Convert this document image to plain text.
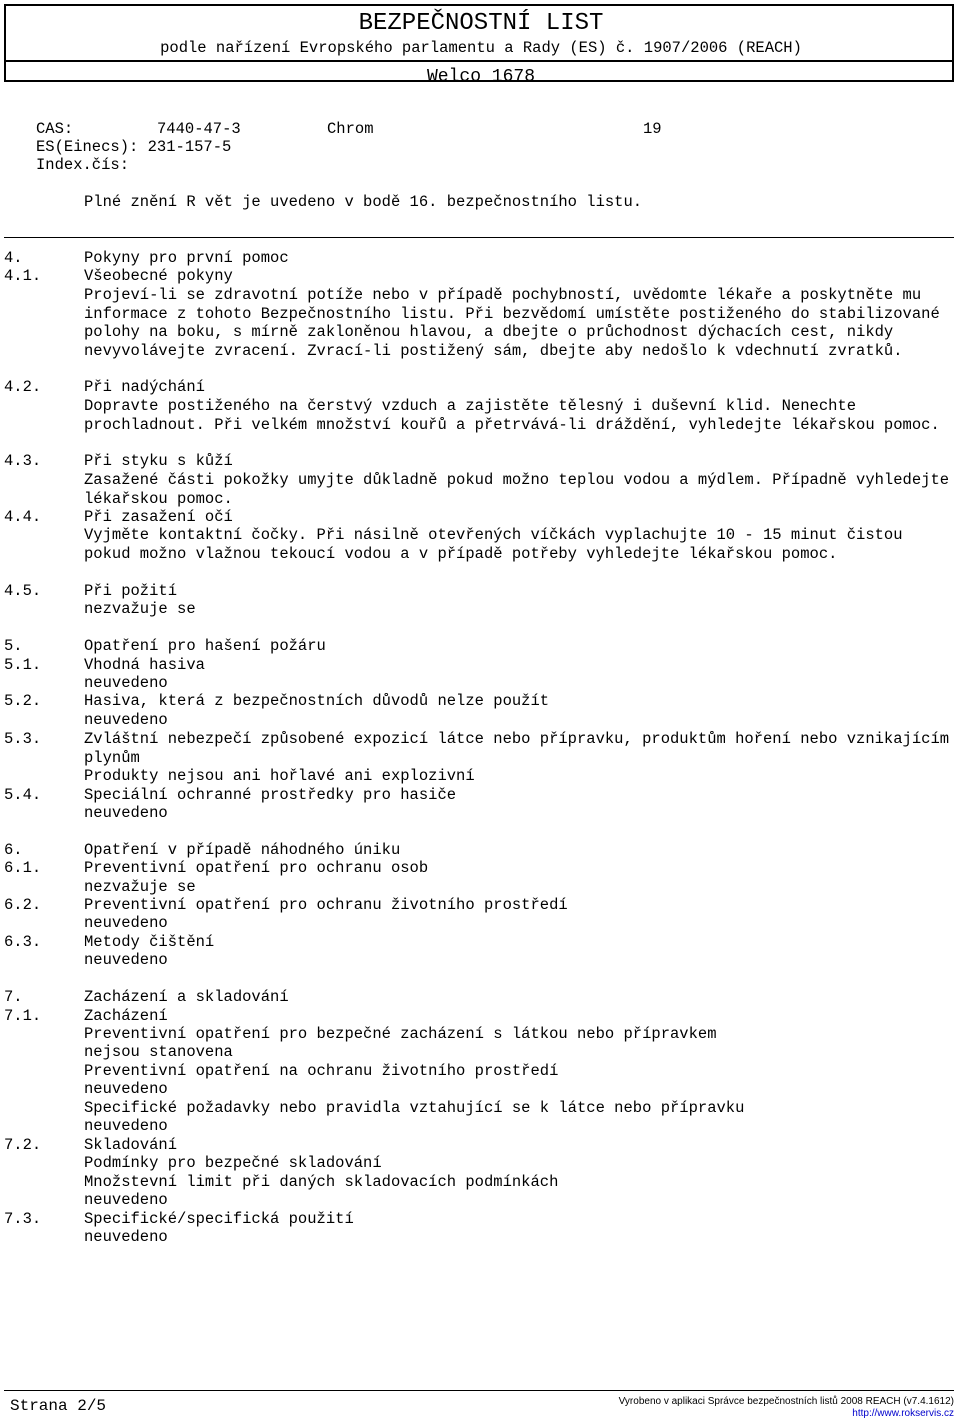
BEZPEČNOSTNÍ LIST
podle nařízení Evropského parlamentu a Rady (ES) č. 1907/2006 (REACH)
Welco 1678
CAS:	7440-47-3	Chrom	19
ES(Einecs): 231-157-5
Index.čís:
Plné znění R vět je uvedeno v bodě 16. bezpečnostního listu.
4.	Pokyny pro první pomoc
4.1.	Všeobecné pokyny
Projeví-li se zdravotní potíže nebo v případě pochybností, uvědomte lékaře a poskytněte mu informace z tohoto Bezpečnostního listu. Při bezvědomí umístěte postiženého do stabilizované polohy na boku, s mírně zakloněnou hlavou, a dbejte o průchodnost dýchacích cest, nikdy nevyvolávejte zvracení. Zvrací-li postižený sám, dbejte aby nedošlo k vdechnutí zvratků.
4.2.	Při nadýchání
Dopravte postiženého na čerstvý vzduch a zajistěte tělesný i duševní klid. Nenechte prochladnout. Při velkém množství kouřů a přetrvává-li dráždění, vyhledejte lékařskou pomoc.
4.3.	Při styku s kůží
Zasažené části pokožky umyjte důkladně pokud možno teplou vodou a mýdlem. Případně vyhledejte lékařskou pomoc.
4.4.	Při zasažení očí
Vyjměte kontaktní čočky. Při násilně otevřených víčkách vyplachujte 10 - 15 minut čistou pokud možno vlažnou tekoucí vodou a v případě potřeby vyhledejte lékařskou pomoc.
4.5.	Při požití
nezvažuje se
5.	Opatření pro hašení požáru
5.1.	Vhodná hasiva
neuvedeno
5.2.	Hasiva, která z bezpečnostních důvodů nelze použít
neuvedeno
5.3.	Zvláštní nebezpečí způsobené expozicí látce nebo přípravku, produktům hoření nebo vznikajícím plynům
Produkty nejsou ani hořlavé ani explozivní
5.4.	Speciální ochranné prostředky pro hasiče
neuvedeno
6.	Opatření v případě náhodného úniku
6.1.	Preventivní opatření pro ochranu osob
nezvažuje se
6.2.	Preventivní opatření pro ochranu životního prostředí
neuvedeno
6.3.	Metody čištění
neuvedeno
7.	Zacházení a skladování
7.1.	Zacházení
Preventivní opatření pro bezpečné zacházení s látkou nebo přípravkem
nejsou stanovena
Preventivní opatření na ochranu životního prostředí
neuvedeno
Specifické požadavky nebo pravidla vztahující se k látce nebo přípravku
neuvedeno
7.2.	Skladování
Podmínky pro bezpečné skladování
Množstevní limit při daných skladovacích podmínkách
neuvedeno
7.3.	Specifické/specifická použití
neuvedeno
Strana 2/5	Vyrobeno v aplikaci Správce bezpečnostních listů 2008 REACH (v7.4.1612)
http://www.rokservis.cz
